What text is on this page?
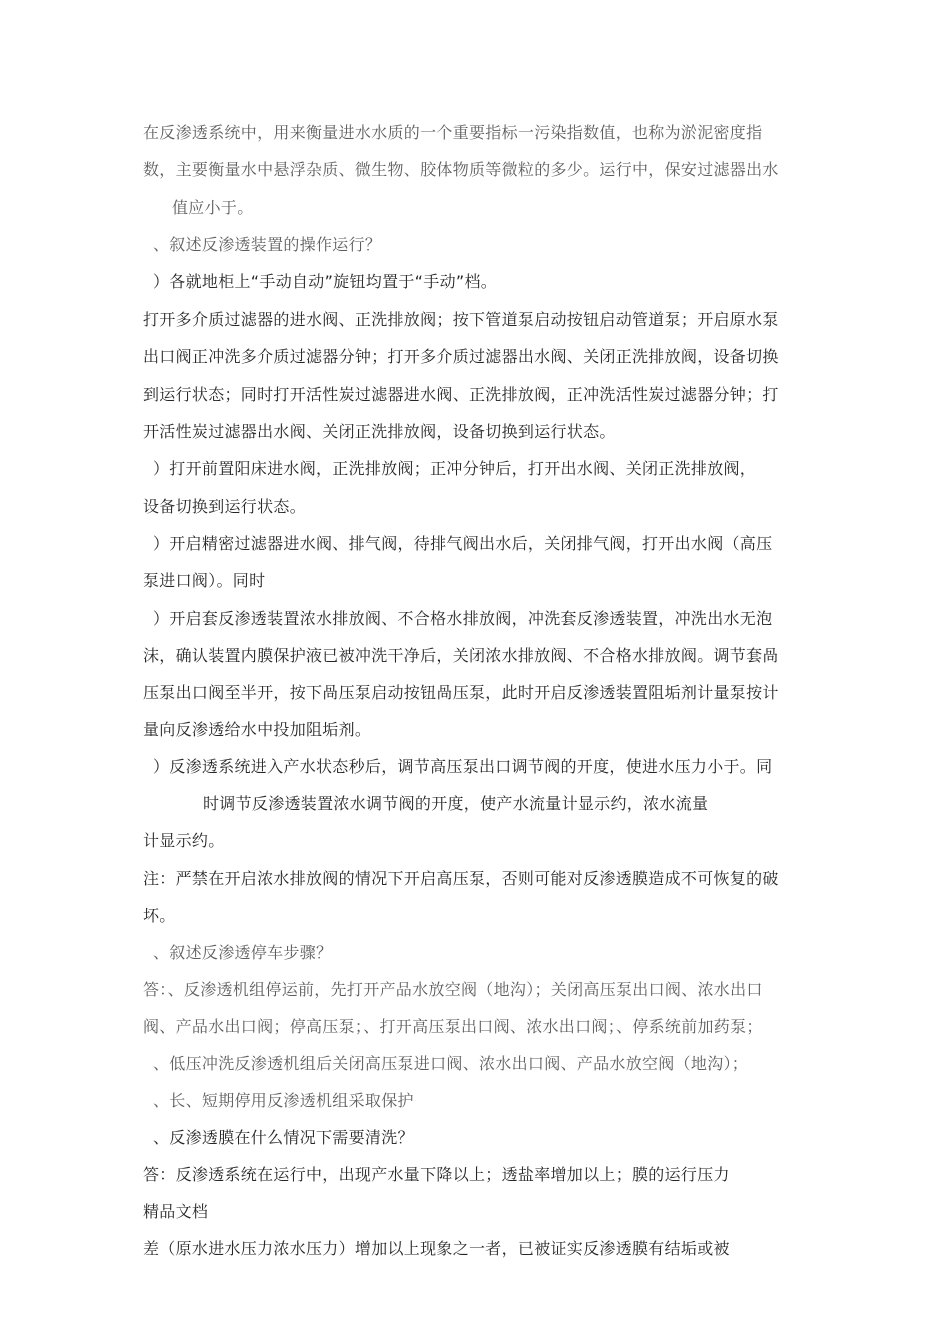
在反渗透系统中，用来衡量进水水质的一个重要指标一污染指数值，也称为淤泥密度指
数，主要衡量水中悬浮杂质、微生物、胶体物质等微粒的多少。运行中，保安过滤器出水
值应小于。
、叙述反渗透装置的操作运行？
）各就地柜上“手动自动”旋钮均置于“手动”档。
打开多介质过滤器的进水阀、正洗排放阀；按下管道泵启动按钮启动管道泵；开启原水泵
出口阀正冲洗多介质过滤器分钟；打开多介质过滤器出水阀、关闭正洗排放阀，设备切换
到运行状态；同时打开活性炭过滤器进水阀、正洗排放阀，正冲洗活性炭过滤器分钟；打
开活性炭过滤器出水阀、关闭正洗排放阀，设备切换到运行状态。
）打开前置阳床进水阀，正洗排放阀；正冲分钟后，打开出水阀、关闭正洗排放阀，
设备切换到运行状态。
）开启精密过滤器进水阀、排气阀，待排气阀出水后，关闭排气阀，打开出水阀（高压
泵进口阀）。同时
）开启套反渗透装置浓水排放阀、不合格水排放阀，冲洗套反渗透装置，冲洗出水无泡
沫，确认装置内膜保护液已被冲洗干净后，关闭浓水排放阀、不合格水排放阀。调节套咼
压泵出口阀至半开，按下咼压泵启动按钮咼压泵，此时开启反渗透装置阻垢剂计量泵按计
量向反渗透给水中投加阻垢剂。
）反渗透系统进入产水状态秒后，调节高压泵出口调节阀的开度，使进水压力小于。同
时调节反渗透装置浓水调节阀的开度，使产水流量计显示约，浓水流量
计显示约。
注：严禁在开启浓水排放阀的情况下开启高压泵，否则可能对反渗透膜造成不可恢复的破
坏。
、叙述反渗透停车步骤？
答：、反渗透机组停运前，先打开产品水放空阀（地沟）；关闭高压泵出口阀、浓水出口
阀、产品水出口阀；停高压泵；、打开高压泵出口阀、浓水出口阀；、停系统前加药泵；
、低压冲洗反渗透机组后关闭高压泵进口阀、浓水出口阀、产品水放空阀（地沟）；
、长、短期停用反渗透机组采取保护
、反渗透膜在什么情况下需要清洗？
答：反渗透系统在运行中，出现产水量下降以上；透盐率增加以上；膜的运行压力
精品文档
差（原水进水压力浓水压力）增加以上现象之一者，已被证实反渗透膜有结垢或被
